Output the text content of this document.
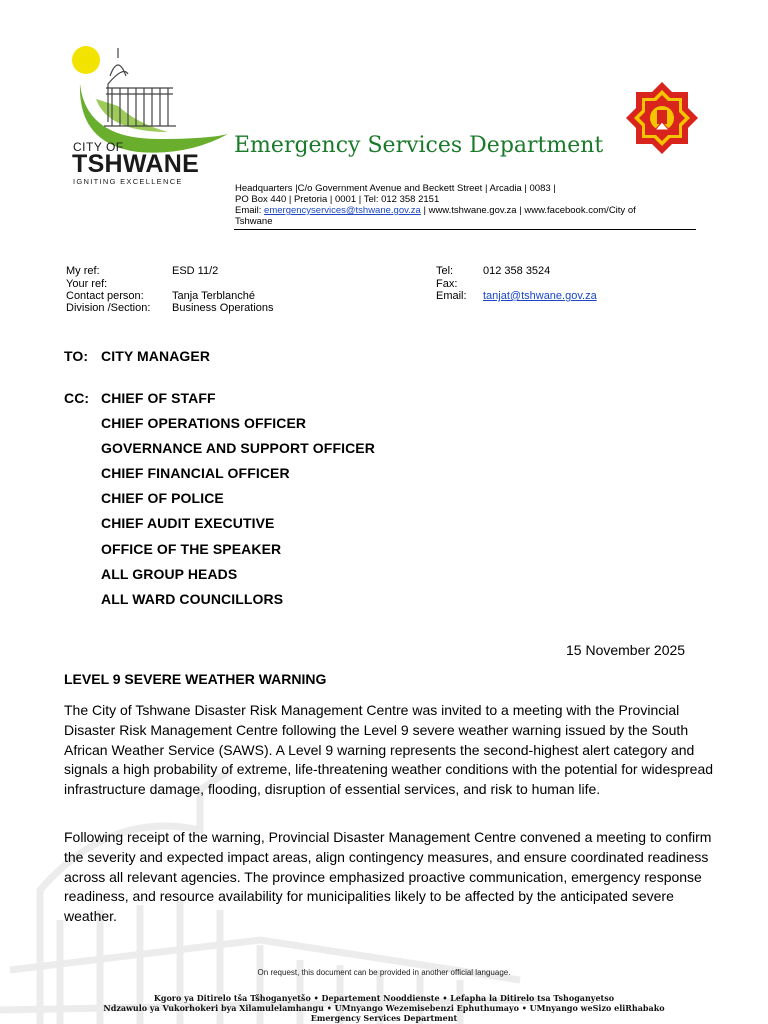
CITY OF
TSHWANE
IGNITING EXCELLENCE
Emergency Services Department
Headquarters |C/o Government Avenue and Beckett Street | Arcadia | 0083 |
PO Box 440 | Pretoria | 0001 | Tel: 012 358 2151
Email: emergencyservices@tshwane.gov.za | www.tshwane.gov.za | www.facebook.com/City of
Tshwane
My ref:	ESD 11/2
Your ref:
Contact person:	Tanja Terblanché
Division /Section: Business Operations
Tel:	012 358 3524
Fax:
Email: tanjat@tshwane.gov.za
TO: CITY MANAGER
CC: CHIEF OF STAFF
CHIEF OPERATIONS OFFICER
GOVERNANCE AND SUPPORT OFFICER
CHIEF FINANCIAL OFFICER
CHIEF OF POLICE
CHIEF AUDIT EXECUTIVE
OFFICE OF THE SPEAKER
ALL GROUP HEADS
ALL WARD COUNCILLORS
15 November 2025
LEVEL 9 SEVERE WEATHER WARNING
The City of Tshwane Disaster Risk Management Centre was invited to a meeting with the Provincial Disaster Risk Management Centre following the Level 9 severe weather warning issued by the South African Weather Service (SAWS). A Level 9 warning represents the second-highest alert category and signals a high probability of extreme, life-threatening weather conditions with the potential for widespread infrastructure damage, flooding, disruption of essential services, and risk to human life.
Following receipt of the warning, Provincial Disaster Management Centre convened a meeting to confirm the severity and expected impact areas, align contingency measures, and ensure coordinated readiness across all relevant agencies. The province emphasized proactive communication, emergency response readiness, and resource availability for municipalities likely to be affected by the anticipated severe weather.
On request, this document can be provided in another official language.
Kgoro ya Ditirelo tša Tšhoganyetšo • Departement Nooddienste • Lefapha la Ditirelo tsa Tshoganyetso
Ndzawulo ya Vukorhokeri bya Xilamulelamhangu • UMnyango Wezemisebenzi Ephuthumayo • UMnyango weSizo eliRhabako
Emergency Services Department
